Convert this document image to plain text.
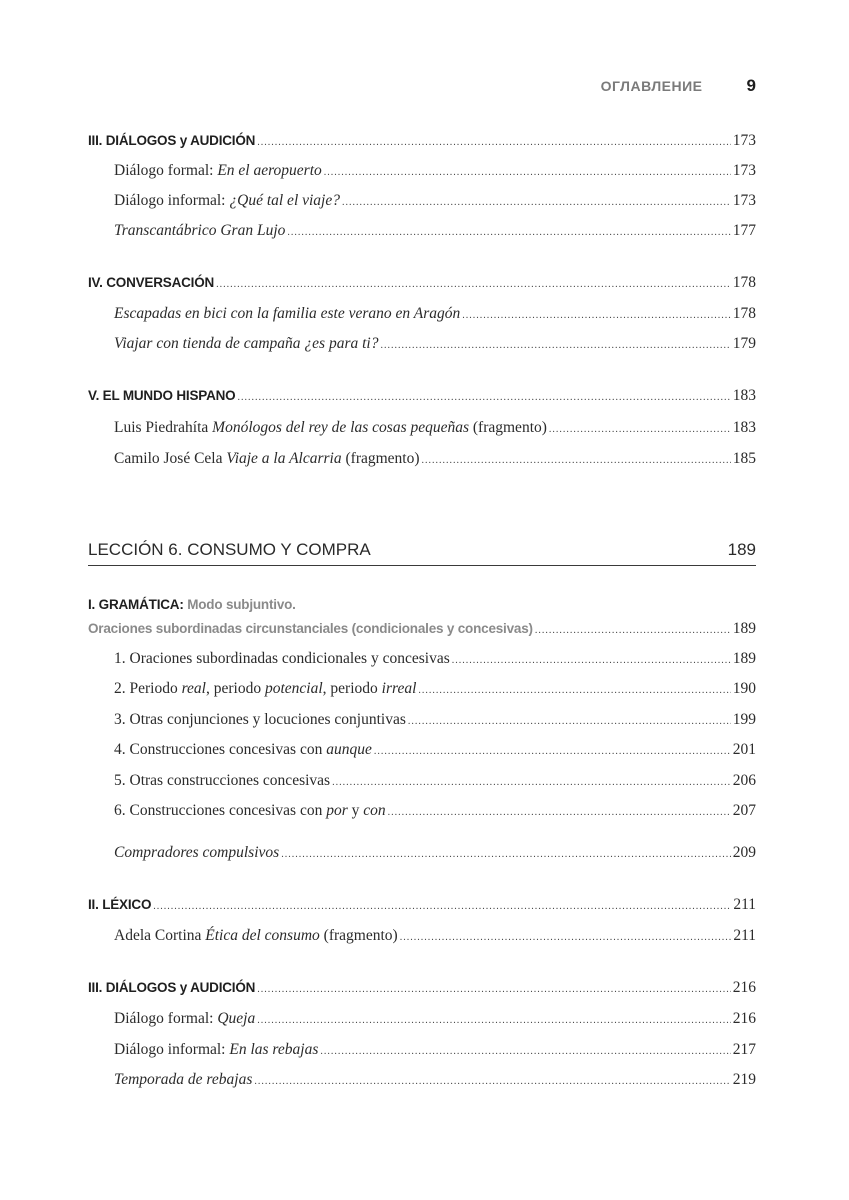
ОГЛАВЛЕНИЕ	9
III. DIÁLOGOS y AUDICIÓN .....	173
Diálogo formal: En el aeropuerto .....	173
Diálogo informal: ¿Qué tal el viaje? .....	173
Transcantábrico Gran Lujo .....	177
IV. CONVERSACIÓN .....	178
Escapadas en bici con la familia este verano en Aragón .....	178
Viajar con tienda de campaña ¿es para ti? .....	179
V. EL MUNDO HISPANO .....	183
Luis Piedrahíta Monólogos del rey de las cosas pequeñas (fragmento) .....	183
Camilo José Cela Viaje a la Alcarria (fragmento) .....	185
Oraciones subordinadas circunstanciales (condicionales y concesivas) .....	189
1. Oraciones subordinadas condicionales y concesivas .....	189
2. Periodo real, periodo potencial, periodo irreal .....	190
3. Otras conjunciones y locuciones conjuntivas .....	199
4. Construcciones concesivas con aunque .....	201
5. Otras construcciones concesivas .....	206
6. Construcciones concesivas con por y con .....	207
Compradores compulsivos .....	209
II. LÉXICO .....	211
Adela Cortina Ética del consumo (fragmento) .....	211
III. DIÁLOGOS y AUDICIÓN .....	216
Diálogo formal: Queja .....	216
Diálogo informal: En las rebajas .....	217
Temporada de rebajas .....	219
LECCIÓN 6. CONSUMO Y COMPRA	189
I. GRAMÁTICA: Modo subjuntivo.
